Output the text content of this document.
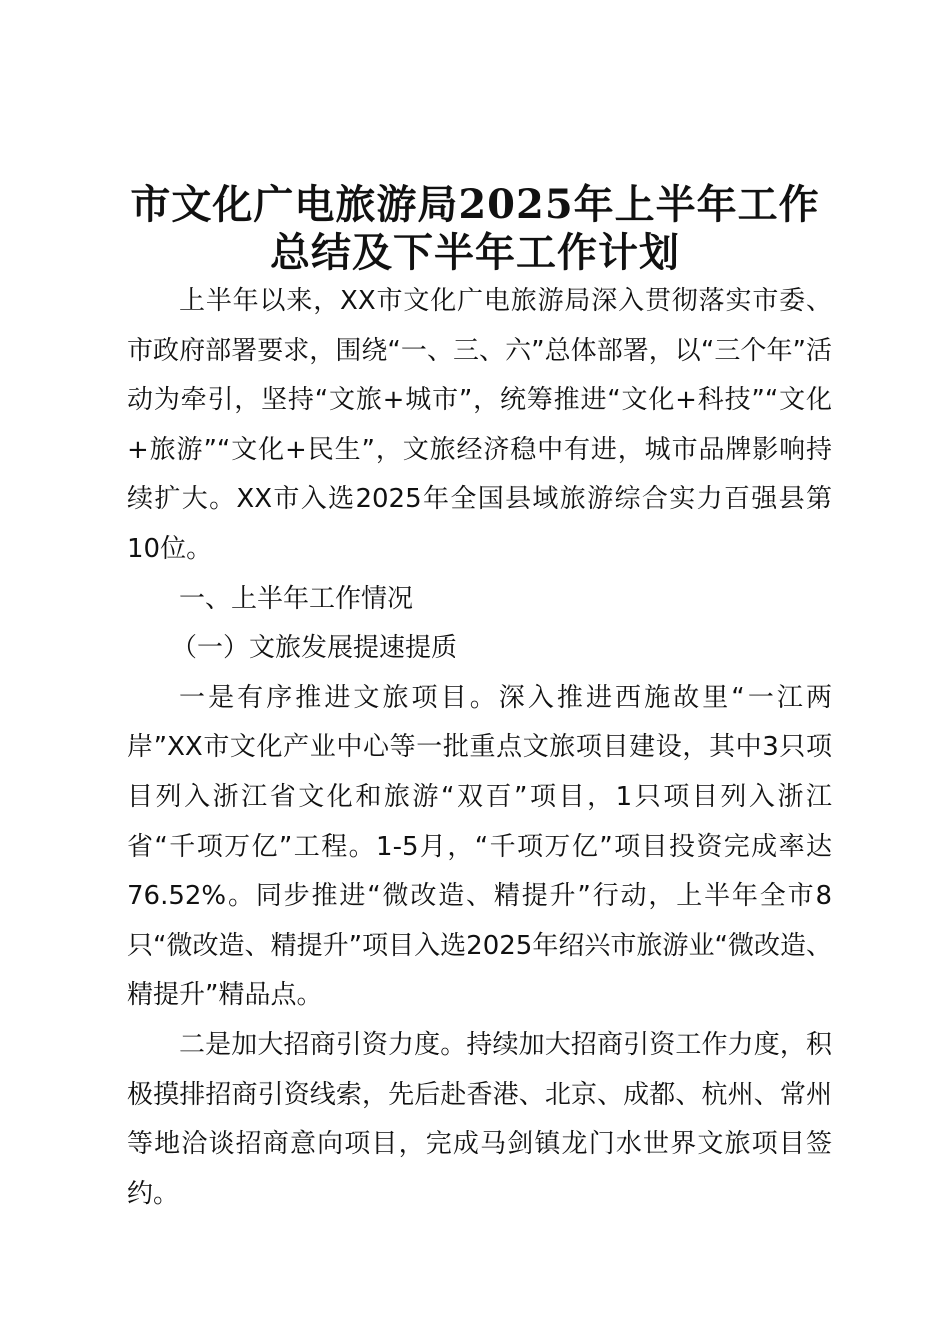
市文化广电旅游局2025年上半年工作
总结及下半年工作计划

上半年以来，XX市文化广电旅游局深入贯彻落实市委、市政府部署要求，围绕“一、三、六”总体部署，以“三个年”活动为牵引，坚持“文旅+城市”，统筹推进“文化+科技”“文化+旅游”“文化+民生”，文旅经济稳中有进，城市品牌影响持续扩大。XX市入选2025年全国县域旅游综合实力百强县第10位。

一、上半年工作情况

（一）文旅发展提速提质

一是有序推进文旅项目。深入推进西施故里“一江两岸”XX市文化产业中心等一批重点文旅项目建设，其中3只项目列入浙江省文化和旅游“双百”项目，1只项目列入浙江省“千项万亿”工程。1-5月，“千项万亿”项目投资完成率达76.52%。同步推进“微改造、精提升”行动，上半年全市8只“微改造、精提升”项目入选2025年绍兴市旅游业“微改造、精提升”精品点。

二是加大招商引资力度。持续加大招商引资工作力度，积极摸排招商引资线索，先后赴香港、北京、成都、杭州、常州等地洽谈招商意向项目，完成马剑镇龙门水世界文旅项目签约。
